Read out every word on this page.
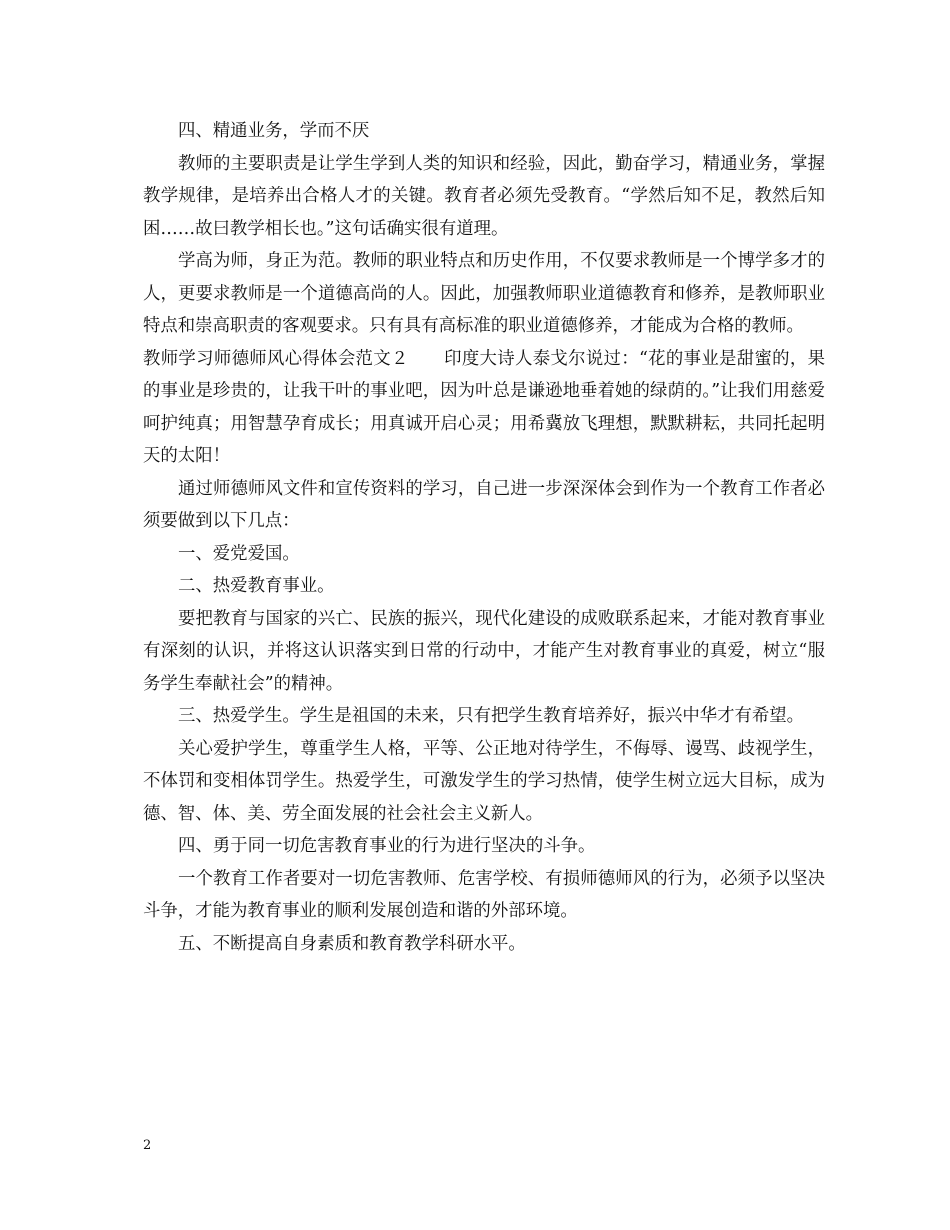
四、精通业务，学而不厌

教师的主要职责是让学生学到人类的知识和经验，因此，勤奋学习，精通业务，掌握教学规律，是培养出合格人才的关键。教育者必须先受教育。“学然后知不足，教然后知困……故曰教学相长也。”这句话确实很有道理。

学高为师，身正为范。教师的职业特点和历史作用，不仅要求教师是一个博学多才的人，更要求教师是一个道德高尚的人。因此，加强教师职业道德教育和修养，是教师职业特点和崇高职责的客观要求。只有具有高标准的职业道德修养，才能成为合格的教师。

教师学习师德师风心得体会范文２　　印度大诗人泰戈尔说过：“花的事业是甜蜜的，果的事业是珍贵的，让我干叶的事业吧，因为叶总是谦逊地垂着她的绿荫的。”让我们用慈爱呵护纯真；用智慧孕育成长；用真诚开启心灵；用希冀放飞理想，默默耕耘，共同托起明天的太阳！

通过师德师风文件和宣传资料的学习，自己进一步深深体会到作为一个教育工作者必须要做到以下几点：

一、爱党爱国。

二、热爱教育事业。

要把教育与国家的兴亡、民族的振兴，现代化建设的成败联系起来，才能对教育事业有深刻的认识，并将这认识落实到日常的行动中，才能产生对教育事业的真爱，树立“服务学生奉献社会”的精神。

三、热爱学生。学生是祖国的未来，只有把学生教育培养好，振兴中华才有希望。

关心爱护学生，尊重学生人格，平等、公正地对待学生，不侮辱、谩骂、歧视学生，不体罚和变相体罚学生。热爱学生，可激发学生的学习热情，使学生树立远大目标，成为德、智、体、美、劳全面发展的社会社会主义新人。

四、勇于同一切危害教育事业的行为进行坚决的斗争。

一个教育工作者要对一切危害教师、危害学校、有损师德师风的行为，必须予以坚决斗争，才能为教育事业的顺利发展创造和谐的外部环境。

五、不断提高自身素质和教育教学科研水平。

2
